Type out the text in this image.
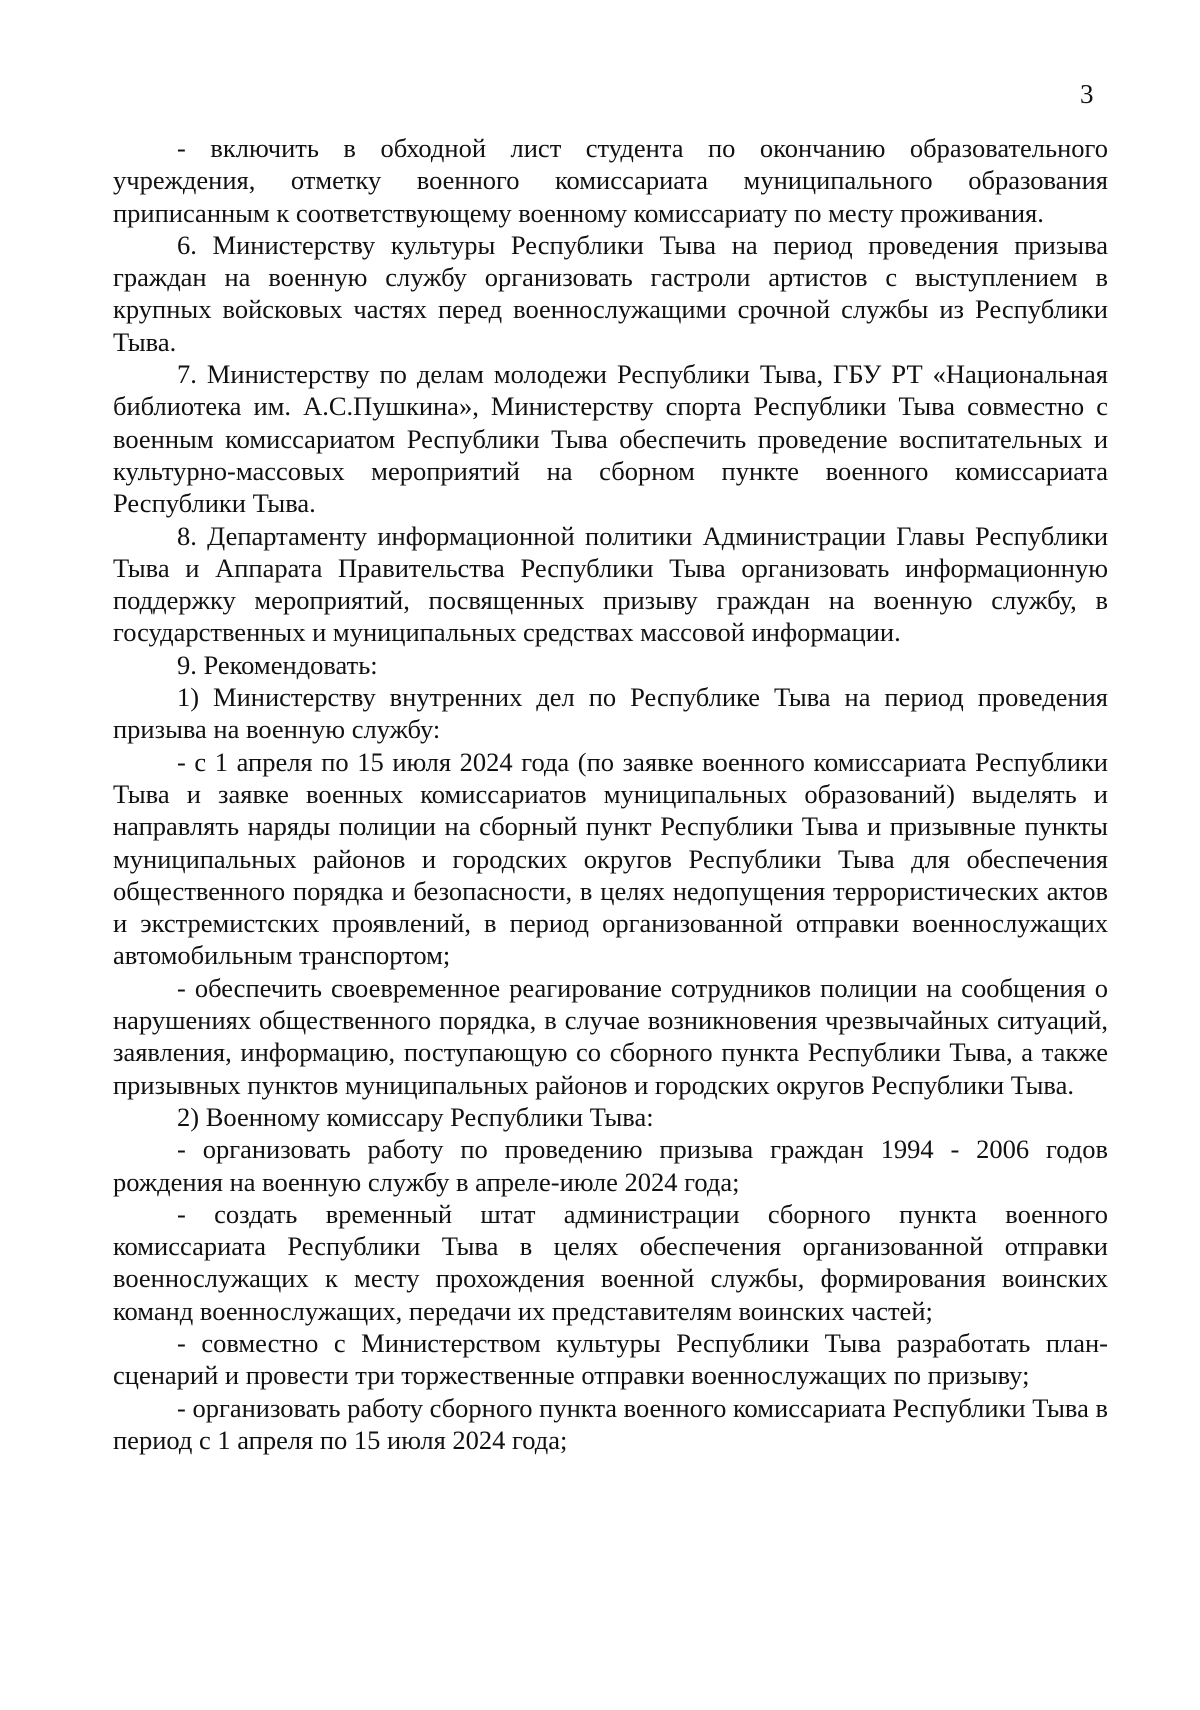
3

- включить в обходной лист студента по окончанию образовательного учреждения, отметку военного комиссариата муниципального образования приписанным к соответствующему военному комиссариату по месту проживания.

6. Министерству культуры Республики Тыва на период проведения призыва граждан на военную службу организовать гастроли артистов с выступлением в крупных войсковых частях перед военнослужащими срочной службы из Республики Тыва.

7. Министерству по делам молодежи Республики Тыва, ГБУ РТ «Национальная библиотека им. А.С.Пушкина», Министерству спорта Республики Тыва совместно с военным комиссариатом Республики Тыва обеспечить проведение воспитательных и культурно-массовых мероприятий на сборном пункте военного комиссариата Республики Тыва.

8. Департаменту информационной политики Администрации Главы Республики Тыва и Аппарата Правительства Республики Тыва организовать информационную поддержку мероприятий, посвященных призыву граждан на военную службу, в государственных и муниципальных средствах массовой информации.

9. Рекомендовать:

1) Министерству внутренних дел по Республике Тыва на период проведения призыва на военную службу:

- с 1 апреля по 15 июля 2024 года (по заявке военного комиссариата Республики Тыва и заявке военных комиссариатов муниципальных образований) выделять и направлять наряды полиции на сборный пункт Республики Тыва и призывные пункты муниципальных районов и городских округов Республики Тыва для обеспечения общественного порядка и безопасности, в целях недопущения террористических актов и экстремистских проявлений, в период организованной отправки военнослужащих автомобильным транспортом;

- обеспечить своевременное реагирование сотрудников полиции на сообщения о нарушениях общественного порядка, в случае возникновения чрезвычайных ситуаций, заявления, информацию, поступающую со сборного пункта Республики Тыва, а также призывных пунктов муниципальных районов и городских округов Республики Тыва.

2) Военному комиссару Республики Тыва:

- организовать работу по проведению призыва граждан 1994 - 2006 годов рождения на военную службу в апреле-июле 2024 года;

- создать временный штат администрации сборного пункта военного комиссариата Республики Тыва в целях обеспечения организованной отправки военнослужащих к месту прохождения военной службы, формирования воинских команд военнослужащих, передачи их представителям воинских частей;

- совместно с Министерством культуры Республики Тыва разработать план-сценарий и провести три торжественные отправки военнослужащих по призыву;

- организовать работу сборного пункта военного комиссариата Республики Тыва в период с 1 апреля по 15 июля 2024 года;
